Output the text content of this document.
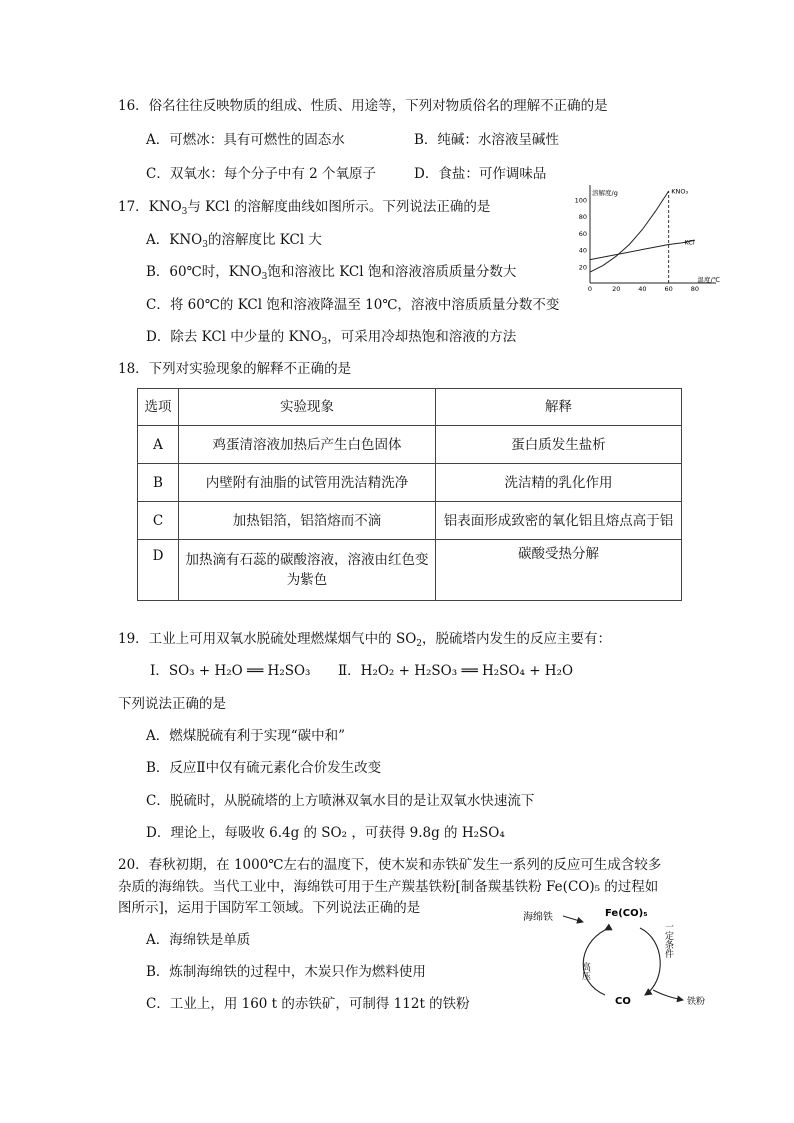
16．俗名往往反映物质的组成、性质、用途等，下列对物质俗名的理解不正确的是
A．可燃冰：具有可燃性的固态水	B．纯碱：水溶液呈碱性
C．双氧水：每个分子中有 2 个氧原子	D．食盐：可作调味品
17．$KNO_3$与 KCl 的溶解度曲线如图所示。下列说法正确的是
A．$KNO_3$的溶解度比 KCl 大
B．60℃时，$KNO_3$饱和溶液比 KCl 饱和溶液溶质质量分数大
C．将 60℃的 KCl 饱和溶液降温至 10℃，溶液中溶质质量分数不变
D．除去 KCl 中少量的 $KNO_3$，可采用冷却热饱和溶液的方法
100
80
60
40
20
0	20	40	60	80
溶解度/g
温度/℃
KNO₃
KCl
18．下列对实验现象的解释不正确的是
选项	实验现象	解释
A	鸡蛋清溶液加热后产生白色固体	蛋白质发生盐析
B	内壁附有油脂的试管用洗洁精洗净	洗洁精的乳化作用
C	加热铝箔，铝箔熔而不滴	铝表面形成致密的氧化铝且熔点高于铝
D	加热滴有石蕊的碳酸溶液，溶液由红色变为紫色	碳酸受热分解
19．工业上可用双氧水脱硫处理燃煤烟气中的 $SO_2$，脱硫塔内发生的反应主要有：
Ⅰ．SO₃ + H₂O ══ H₂SO₃ Ⅱ．H₂O₂ + H₂SO₃ ══ H₂SO₄ + H₂O
下列说法正确的是
A．燃煤脱硫有利于实现“碳中和”
B．反应Ⅱ中仅有硫元素化合价发生改变
C．脱硫时，从脱硫塔的上方喷淋双氧水目的是让双氧水快速流下
D．理论上，每吸收 6.4g 的 SO₂ ，可获得 9.8g 的 H₂SO₄
20．春秋初期，在 1000℃左右的温度下，使木炭和赤铁矿发生一系列的反应可生成含较多
杂质的海绵铁。当代工业中，海绵铁可用于生产羰基铁粉[制备羰基铁粉 Fe(CO)₅ 的过程如
图所示]，运用于国防军工领域。下列说法正确的是
A．海绵铁是单质
B．炼制海绵铁的过程中，木炭只作为燃料使用
C．工业上，用 160 t 的赤铁矿，可制得 112t 的铁粉
海绵铁	Fe(CO)₅
高压
一定条件
CO	铁粉
